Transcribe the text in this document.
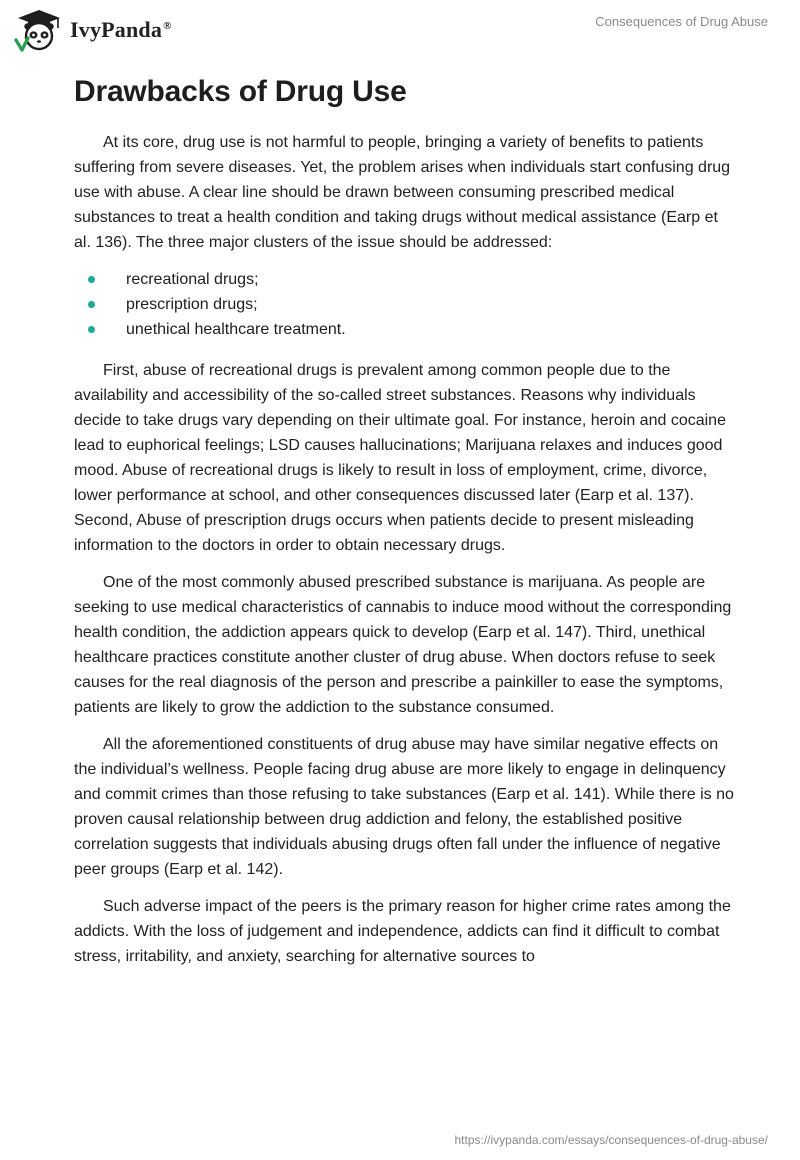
IvyPanda®	Consequences of Drug Abuse
Drawbacks of Drug Use

At its core, drug use is not harmful to people, bringing a variety of benefits to patients suffering from severe diseases. Yet, the problem arises when individuals start confusing drug use with abuse. A clear line should be drawn between consuming prescribed medical substances to treat a health condition and taking drugs without medical assistance (Earp et al. 136). The three major clusters of the issue should be addressed:

recreational drugs;
prescription drugs;
unethical healthcare treatment.

First, abuse of recreational drugs is prevalent among common people due to the availability and accessibility of the so-called street substances. Reasons why individuals decide to take drugs vary depending on their ultimate goal. For instance, heroin and cocaine lead to euphorical feelings; LSD causes hallucinations; Marijuana relaxes and induces good mood. Abuse of recreational drugs is likely to result in loss of employment, crime, divorce, lower performance at school, and other consequences discussed later (Earp et al. 137). Second, Abuse of prescription drugs occurs when patients decide to present misleading information to the doctors in order to obtain necessary drugs.

One of the most commonly abused prescribed substance is marijuana. As people are seeking to use medical characteristics of cannabis to induce mood without the corresponding health condition, the addiction appears quick to develop (Earp et al. 147). Third, unethical healthcare practices constitute another cluster of drug abuse. When doctors refuse to seek causes for the real diagnosis of the person and prescribe a painkiller to ease the symptoms, patients are likely to grow the addiction to the substance consumed.

All the aforementioned constituents of drug abuse may have similar negative effects on the individual’s wellness. People facing drug abuse are more likely to engage in delinquency and commit crimes than those refusing to take substances (Earp et al. 141). While there is no proven causal relationship between drug addiction and felony, the established positive correlation suggests that individuals abusing drugs often fall under the influence of negative peer groups (Earp et al. 142).

Such adverse impact of the peers is the primary reason for higher crime rates among the addicts. With the loss of judgement and independence, addicts can find it difficult to combat stress, irritability, and anxiety, searching for alternative sources to

https://ivypanda.com/essays/consequences-of-drug-abuse/
